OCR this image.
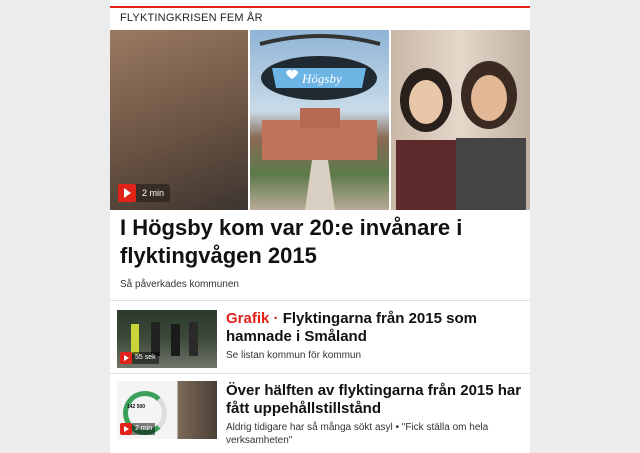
FLYKTINGKRISEN FEM ÅR
2 min
Högsby
I Högsby kom var 20:e invånare i flyktingvågen 2015
Så påverkades kommunen
55 sek
Grafik · Flyktingarna från 2015 som hamnade i Småland
Se listan kommun för kommun
142 500
2 min
Över hälften av flyktingarna från 2015 har fått uppehållstillstånd
Aldrig tidigare har så många sökt asyl • "Fick ställa om hela verksamheten"
